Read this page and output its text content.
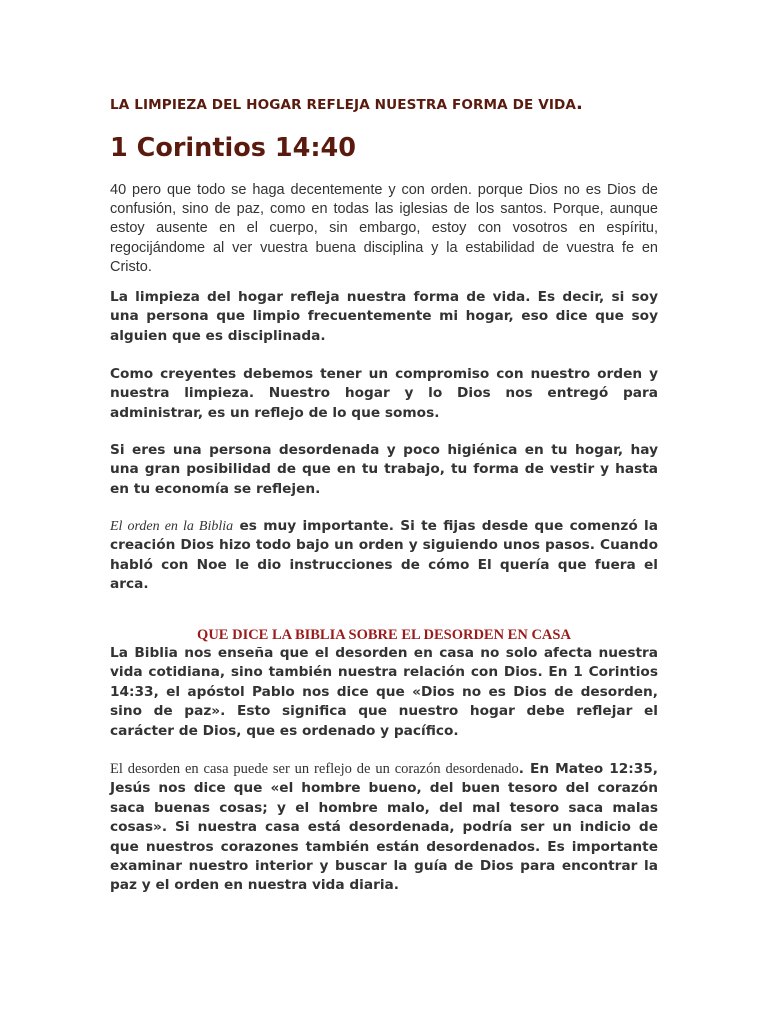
LA LIMPIEZA DEL HOGAR REFLEJA NUESTRA FORMA DE VIDA.
1 Corintios 14:40

40 pero que todo se haga decentemente y con orden. porque Dios no es Dios de confusión, sino de paz, como en todas las iglesias de los santos. Porque, aunque estoy ausente en el cuerpo, sin embargo, estoy con vosotros en espíritu, regocijándome al ver vuestra buena disciplina y la estabilidad de vuestra fe en Cristo.

La limpieza del hogar refleja nuestra forma de vida. Es decir, si soy una persona que limpio frecuentemente mi hogar, eso dice que soy alguien que es disciplinada.

Como creyentes debemos tener un compromiso con nuestro orden y nuestra limpieza. Nuestro hogar y lo Dios nos entregó para administrar, es un reflejo de lo que somos.

Si eres una persona desordenada y poco higiénica en tu hogar, hay una gran posibilidad de que en tu trabajo, tu forma de vestir y hasta en tu economía se reflejen.

El orden en la Biblia es muy importante. Si te fijas desde que comenzó la creación Dios hizo todo bajo un orden y siguiendo unos pasos. Cuando habló con Noe le dio instrucciones de cómo El quería que fuera el arca.

QUE DICE LA BIBLIA SOBRE EL DESORDEN EN CASA

La Biblia nos enseña que el desorden en casa no solo afecta nuestra vida cotidiana, sino también nuestra relación con Dios. En 1 Corintios 14:33, el apóstol Pablo nos dice que «Dios no es Dios de desorden, sino de paz». Esto significa que nuestro hogar debe reflejar el carácter de Dios, que es ordenado y pacífico.

El desorden en casa puede ser un reflejo de un corazón desordenado. En Mateo 12:35, Jesús nos dice que «el hombre bueno, del buen tesoro del corazón saca buenas cosas; y el hombre malo, del mal tesoro saca malas cosas». Si nuestra casa está desordenada, podría ser un indicio de que nuestros corazones también están desordenados. Es importante examinar nuestro interior y buscar la guía de Dios para encontrar la paz y el orden en nuestra vida diaria.
